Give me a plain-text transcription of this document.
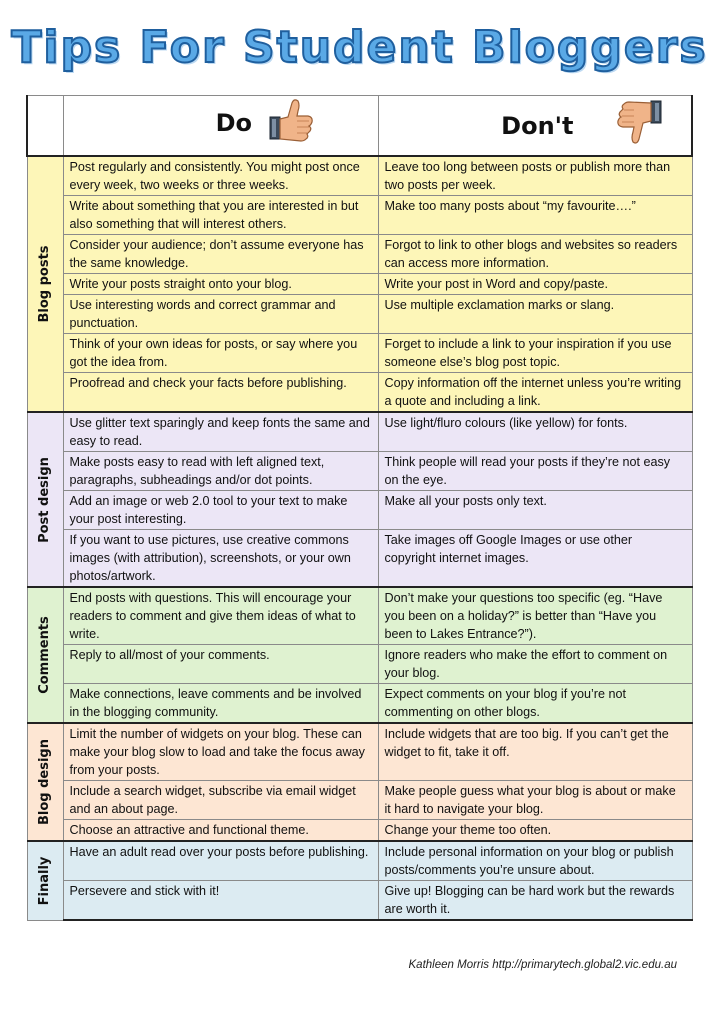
Tips For Student Bloggers
	Do	Don't

Blog posts	Post regularly and consistently. You might post once every week, two weeks or three weeks.	Leave too long between posts or publish more than two posts per week.
	Write about something that you are interested in but also something that will interest others.	Make too many posts about “my favourite….”
	Consider your audience; don’t assume everyone has the same knowledge.	Forgot to link to other blogs and websites so readers can access more information.
	Write your posts straight onto your blog.	Write your post in Word and copy/paste.
	Use interesting words and correct grammar and punctuation.	Use multiple exclamation marks or slang.
	Think of your own ideas for posts, or say where you got the idea from.	Forget to include a link to your inspiration if you use someone else’s blog post topic.
	Proofread and check your facts before publishing.	Copy information off the internet unless you’re writing a quote and including a link.

Post design	Use glitter text sparingly and keep fonts the same and easy to read.	Use light/fluro colours (like yellow) for fonts.
	Make posts easy to read with left aligned text, paragraphs, subheadings and/or dot points.	Think people will read your posts if they’re not easy on the eye.
	Add an image or web 2.0 tool to your text to make your post interesting.	Make all your posts only text.
	If you want to use pictures, use creative commons images (with attribution), screenshots, or your own photos/artwork.	Take images off Google Images or use other copyright internet images.

Comments	End posts with questions. This will encourage your readers to comment and give them ideas of what to write.	Don’t make your questions too specific (eg. “Have you been on a holiday?” is better than “Have you been to Lakes Entrance?”).
	Reply to all/most of your comments.	Ignore readers who make the effort to comment on your blog.
	Make connections, leave comments and be involved in the blogging community.	Expect comments on your blog if you’re not commenting on other blogs.

Blog design	Limit the number of widgets on your blog. These can make your blog slow to load and take the focus away from your posts.	Include widgets that are too big. If you can’t get the widget to fit, take it off.
	Include a search widget, subscribe via email widget and an about page.	Make people guess what your blog is about or make it hard to navigate your blog.
	Choose an attractive and functional theme.	Change your theme too often.

Finally	Have an adult read over your posts before publishing.	Include personal information on your blog or publish posts/comments you’re unsure about.
	Persevere and stick with it!	Give up! Blogging can be hard work but the rewards are worth it.
Kathleen Morris http://primarytech.global2.vic.edu.au
